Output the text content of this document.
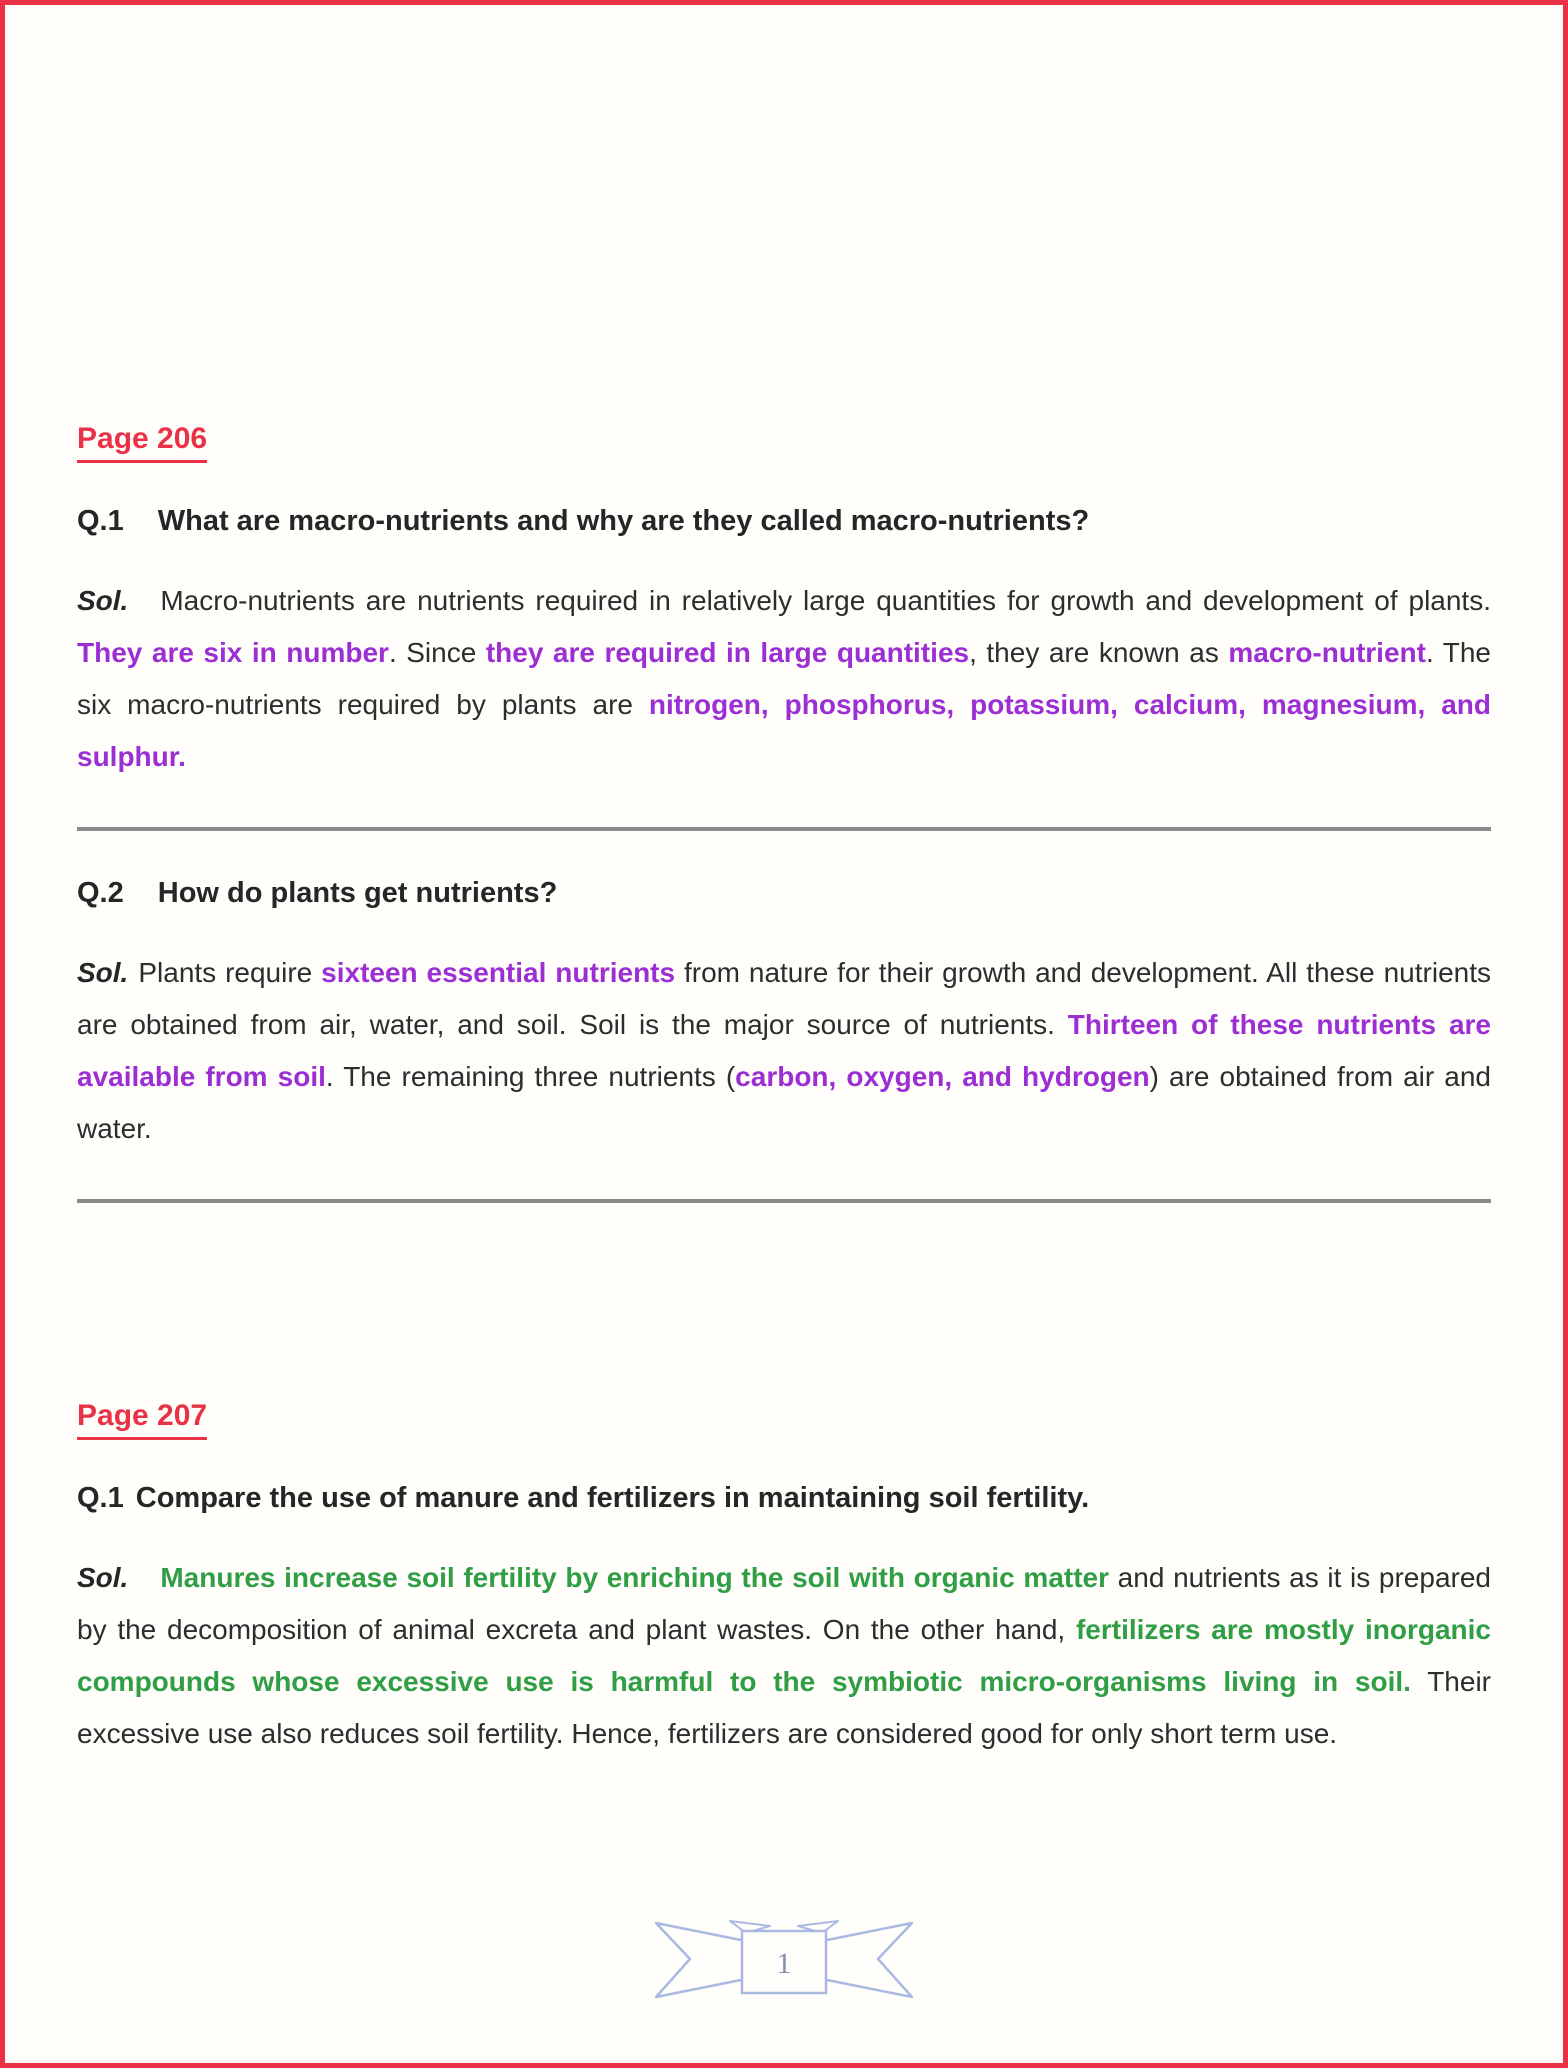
Page 206

Q.1 What are macro-nutrients and why are they called macro-nutrients?

Sol. Macro-nutrients are nutrients required in relatively large quantities for growth and development of plants. They are six in number. Since they are required in large quantities, they are known as macro-nutrient. The six macro-nutrients required by plants are nitrogen, phosphorus, potassium, calcium, magnesium, and sulphur.

Q.2 How do plants get nutrients?

Sol. Plants require sixteen essential nutrients from nature for their growth and development. All these nutrients are obtained from air, water, and soil. Soil is the major source of nutrients. Thirteen of these nutrients are available from soil. The remaining three nutrients (carbon, oxygen, and hydrogen) are obtained from air and water.

Page 207

Q.1 Compare the use of manure and fertilizers in maintaining soil fertility.

Sol. Manures increase soil fertility by enriching the soil with organic matter and nutrients as it is prepared by the decomposition of animal excreta and plant wastes. On the other hand, fertilizers are mostly inorganic compounds whose excessive use is harmful to the symbiotic micro-organisms living in soil. Their excessive use also reduces soil fertility. Hence, fertilizers are considered good for only short term use.

1
